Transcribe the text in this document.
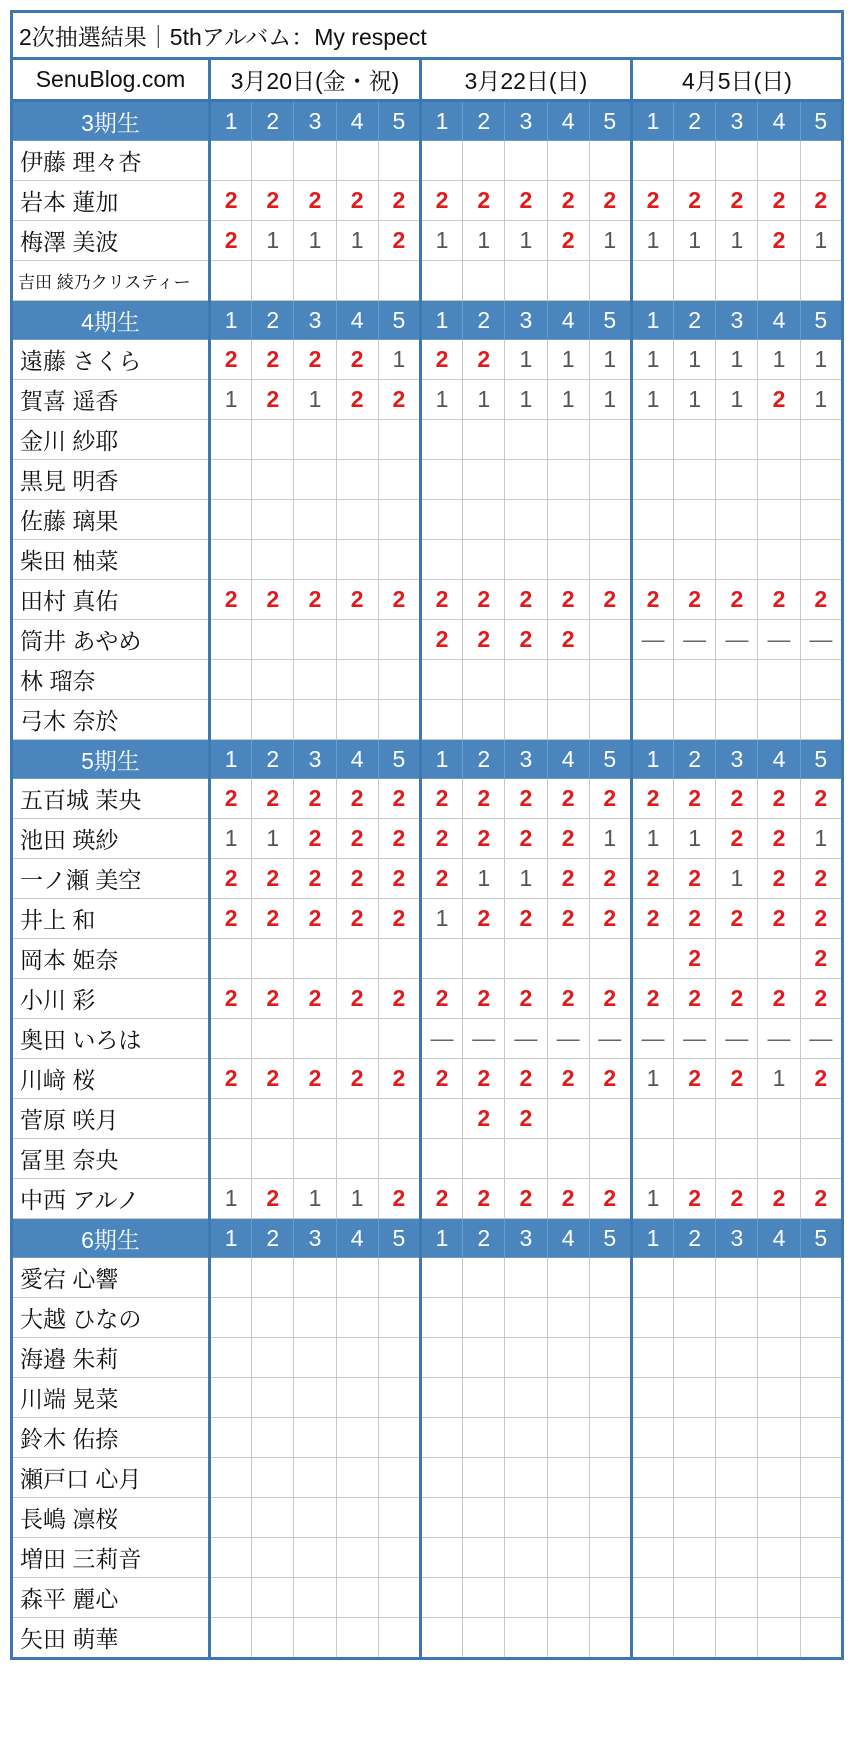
2次抽選結果｜5thアルバム：My respect															
SenuBlog.com	3月20日(金・祝)					3月22日(日)					4月5日(日)				
3期生	1	2	3	4	5	1	2	3	4	5	1	2	3	4	5
伊藤 理々杏															
岩本 蓮加	2	2	2	2	2	2	2	2	2	2	2	2	2	2	2
梅澤 美波	2	1	1	1	2	1	1	1	2	1	1	1	1	2	1
吉田 綾乃クリスティー															
4期生	1	2	3	4	5	1	2	3	4	5	1	2	3	4	5
遠藤 さくら	2	2	2	2	1	2	2	1	1	1	1	1	1	1	1
賀喜 遥香	1	2	1	2	2	1	1	1	1	1	1	1	1	2	1
金川 紗耶															
黒見 明香															
佐藤 璃果															
柴田 柚菜															
田村 真佑	2	2	2	2	2	2	2	2	2	2	2	2	2	2	2
筒井 あやめ						2	2	2	2		—	—	—	—	—
林 瑠奈															
弓木 奈於															
5期生	1	2	3	4	5	1	2	3	4	5	1	2	3	4	5
五百城 茉央	2	2	2	2	2	2	2	2	2	2	2	2	2	2	2
池田 瑛紗	1	1	2	2	2	2	2	2	2	1	1	1	2	2	1
一ノ瀬 美空	2	2	2	2	2	2	1	1	2	2	2	2	1	2	2
井上 和	2	2	2	2	2	1	2	2	2	2	2	2	2	2	2
岡本 姫奈												2			2
小川 彩	2	2	2	2	2	2	2	2	2	2	2	2	2	2	2
奥田 いろは						—	—	—	—	—	—	—	—	—	—
川﨑 桜	2	2	2	2	2	2	2	2	2	2	1	2	2	1	2
菅原 咲月							2	2							
冨里 奈央															
中西 アルノ	1	2	1	1	2	2	2	2	2	2	1	2	2	2	2
6期生	1	2	3	4	5	1	2	3	4	5	1	2	3	4	5
愛宕 心響															
大越 ひなの															
海邉 朱莉															
川端 晃菜															
鈴木 佑捺															
瀬戸口 心月															
長嶋 凛桜															
増田 三莉音															
森平 麗心															
矢田 萌華															
